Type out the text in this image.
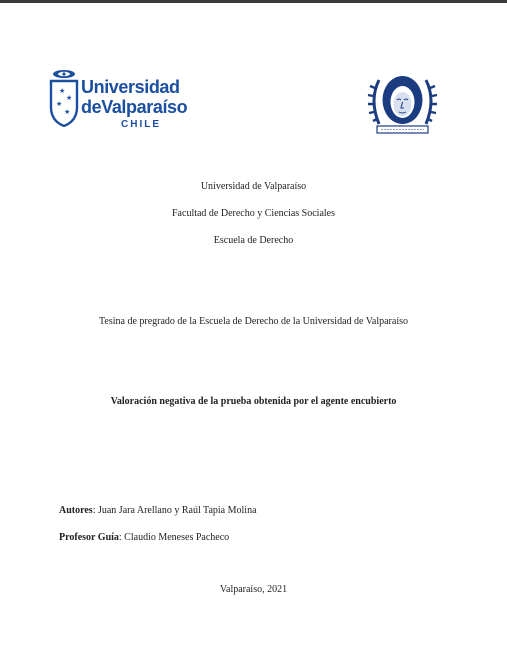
★
★
★
★
Universidad
deValparaíso
CHILE
Universidad de Valparaíso
Facultad de Derecho y Ciencias Sociales
Escuela de Derecho
Tesina de pregrado de la Escuela de Derecho de la Universidad de Valparaíso
Valoración negativa de la prueba obtenida por el agente encubierto
Autores: Juan Jara Arellano y Raúl Tapia Molina
Profesor Guía: Claudio Meneses Pacheco
Valparaíso, 2021
